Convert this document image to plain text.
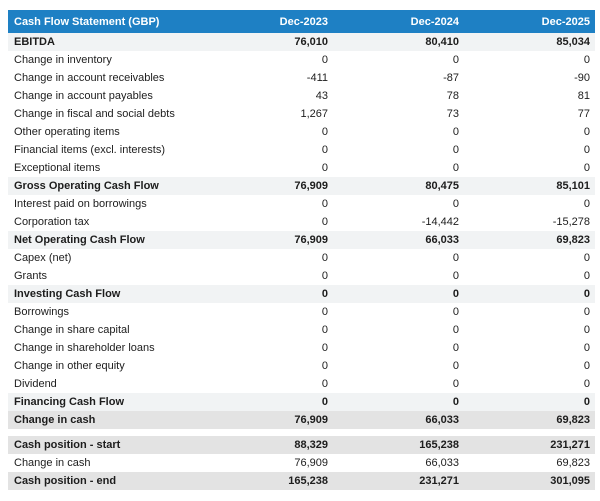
Cash Flow Statement (GBP)	Dec-2023	Dec-2024	Dec-2025
EBITDA	76,010	80,410	85,034
Change in inventory	0	0	0
Change in account receivables	-411	-87	-90
Change in account payables	43	78	81
Change in fiscal and social debts	1,267	73	77
Other operating items	0	0	0
Financial items (excl. interests)	0	0	0
Exceptional items	0	0	0
Gross Operating Cash Flow	76,909	80,475	85,101
Interest paid on borrowings	0	0	0
Corporation tax	0	-14,442	-15,278
Net Operating Cash Flow	76,909	66,033	69,823
Capex (net)	0	0	0
Grants	0	0	0
Investing Cash Flow	0	0	0
Borrowings	0	0	0
Change in share capital	0	0	0
Change in shareholder loans	0	0	0
Change in other equity	0	0	0
Dividend	0	0	0
Financing Cash Flow	0	0	0
Change in cash	76,909	66,033	69,823

Cash position - start	88,329	165,238	231,271
Change in cash	76,909	66,033	69,823
Cash position - end	165,238	231,271	301,095
